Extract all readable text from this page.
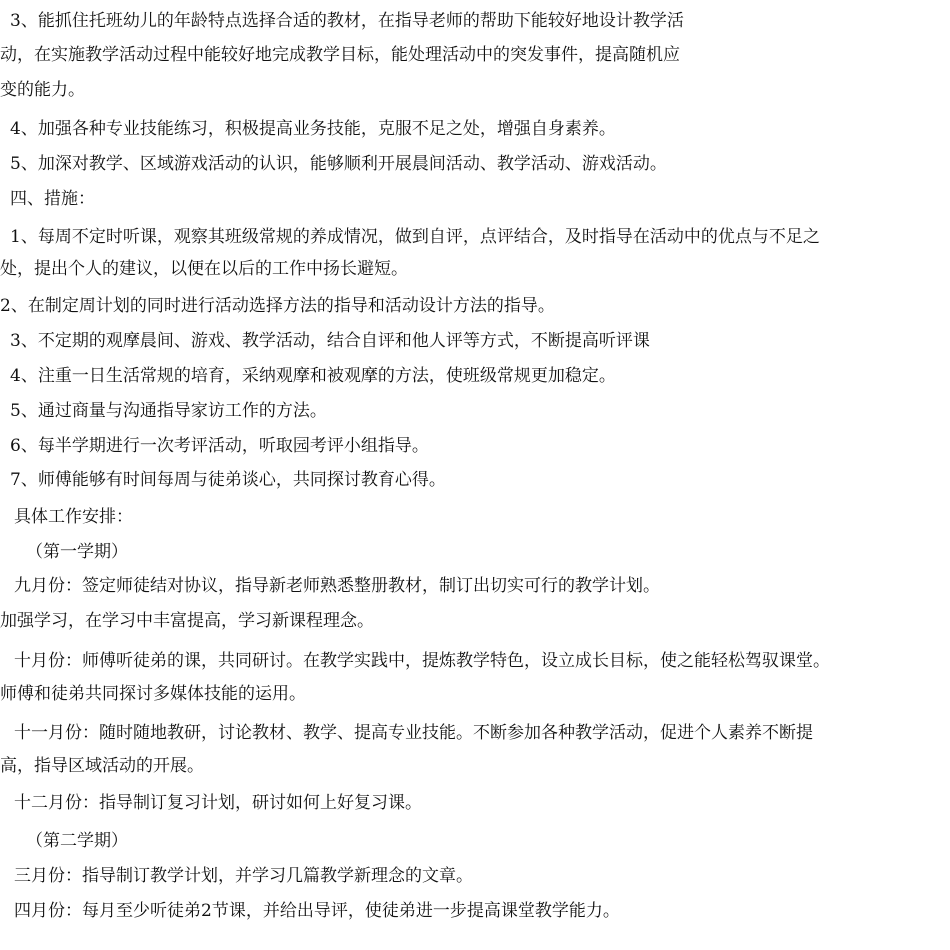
3、能抓住托班幼儿的年龄特点选择合适的教材，在指导老师的帮助下能较好地设计教学活
动，在实施教学活动过程中能较好地完成教学目标，能处理活动中的突发事件，提高随机应
变的能力。
4、加强各种专业技能练习，积极提高业务技能，克服不足之处，增强自身素养。
5、加深对教学、区域游戏活动的认识，能够顺利开展晨间活动、教学活动、游戏活动。
四、措施：
1、每周不定时听课，观察其班级常规的养成情况，做到自评，点评结合，及时指导在活动中的优点与不足之
处，提出个人的建议，以便在以后的工作中扬长避短。
2、在制定周计划的同时进行活动选择方法的指导和活动设计方法的指导。
3、不定期的观摩晨间、游戏、教学活动，结合自评和他人评等方式，不断提高听评课
4、注重一日生活常规的培育，采纳观摩和被观摩的方法，使班级常规更加稳定。
5、通过商量与沟通指导家访工作的方法。
6、每半学期进行一次考评活动，听取园考评小组指导。
7、师傅能够有时间每周与徒弟谈心，共同探讨教育心得。
具体工作安排：
（第一学期）
九月份：签定师徒结对协议，指导新老师熟悉整册教材，制订出切实可行的教学计划。
加强学习，在学习中丰富提高，学习新课程理念。
十月份：师傅听徒弟的课，共同研讨。在教学实践中，提炼教学特色，设立成长目标，使之能轻松驾驭课堂。
师傅和徒弟共同探讨多媒体技能的运用。
十一月份：随时随地教研，讨论教材、教学、提高专业技能。不断参加各种教学活动，促进个人素养不断提
高，指导区域活动的开展。
十二月份：指导制订复习计划，研讨如何上好复习课。
（第二学期）
三月份：指导制订教学计划，并学习几篇教学新理念的文章。
四月份：每月至少听徒弟2节课，并给出导评，使徒弟进一步提高课堂教学能力。
